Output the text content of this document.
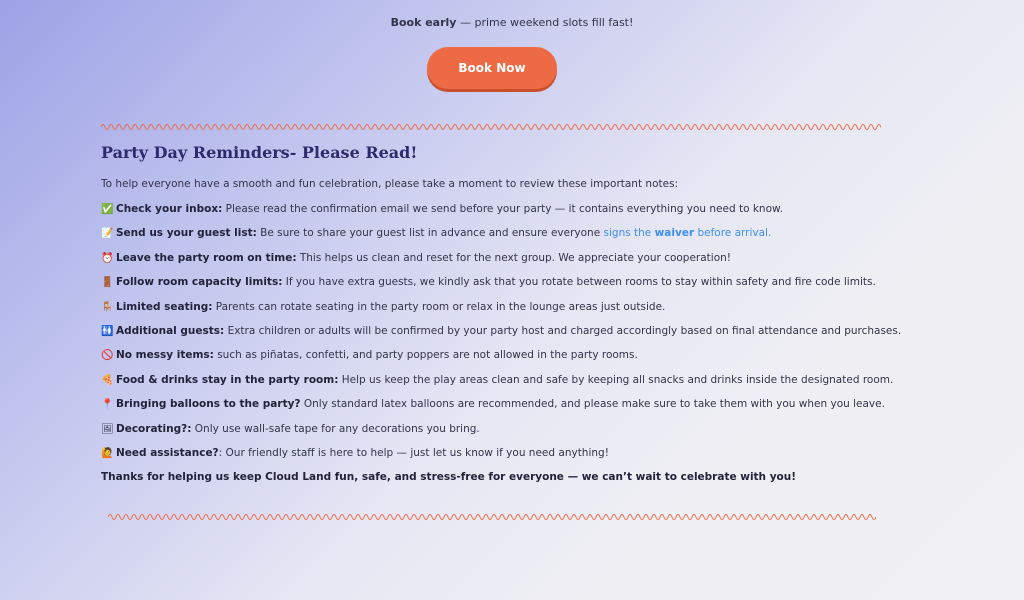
Book early — prime weekend slots fill fast!
Book Now
Party Day Reminders- Please Read!
To help everyone have a smooth and fun celebration, please take a moment to review these important notes:
✅ Check your inbox: Please read the confirmation email we send before your party — it contains everything you need to know.
📝 Send us your guest list: Be sure to share your guest list in advance and ensure everyone signs the waiver before arrival.
⏰ Leave the party room on time: This helps us clean and reset for the next group. We appreciate your cooperation!
🚪 Follow room capacity limits: If you have extra guests, we kindly ask that you rotate between rooms to stay within safety and fire code limits.
🪑 Limited seating: Parents can rotate seating in the party room or relax in the lounge areas just outside.
🚻 Additional guests: Extra children or adults will be confirmed by your party host and charged accordingly based on final attendance and purchases.
🚫 No messy items: such as piñatas, confetti, and party poppers are not allowed in the party rooms.
🍕 Food & drinks stay in the party room: Help us keep the play areas clean and safe by keeping all snacks and drinks inside the designated room.
📍 Bringing balloons to the party? Only standard latex balloons are recommended, and please make sure to take them with you when you leave.
🖼 Decorating?: Only use wall-safe tape for any decorations you bring.
🙋 Need assistance?: Our friendly staff is here to help — just let us know if you need anything!
Thanks for helping us keep Cloud Land fun, safe, and stress-free for everyone — we can’t wait to celebrate with you!
